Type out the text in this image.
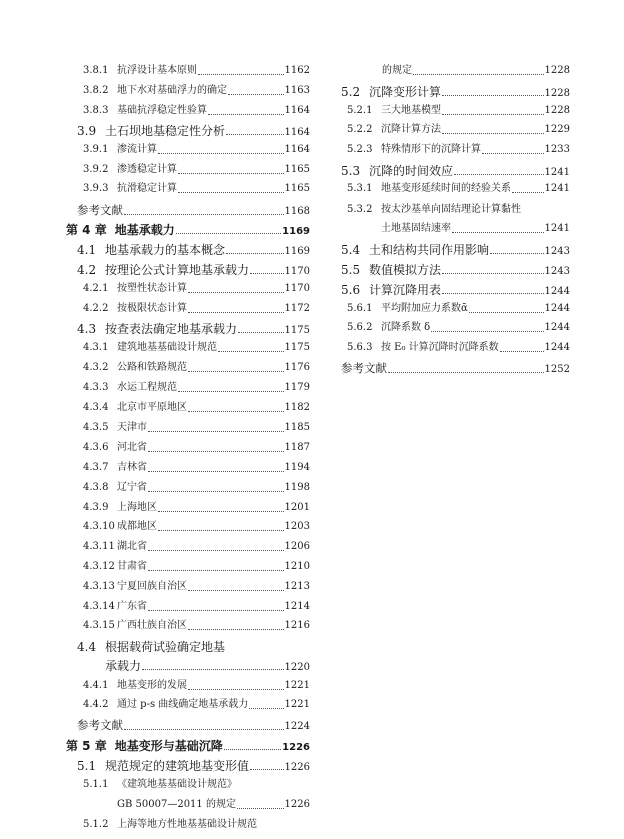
3.8.1 抗浮设计基本原则	1162
3.8.2 地下水对基础浮力的确定	1163
3.8.3 基础抗浮稳定性验算	1164
3.9 土石坝地基稳定性分析	1164
3.9.1 渗流计算	1164
3.9.2 渗透稳定计算	1165
3.9.3 抗滑稳定计算	1165
参考文献	1168
第 4 章 地基承载力	1169
4.1 地基承载力的基本概念	1169
4.2 按理论公式计算地基承载力	1170
4.2.1 按塑性状态计算	1170
4.2.2 按极限状态计算	1172
4.3 按查表法确定地基承载力	1175
4.3.1 建筑地基基础设计规范	1175
4.3.2 公路和铁路规范	1176
4.3.3 水运工程规范	1179
4.3.4 北京市平原地区	1182
4.3.5 天津市	1185
4.3.6 河北省	1187
4.3.7 吉林省	1194
4.3.8 辽宁省	1198
4.3.9 上海地区	1201
4.3.10 成都地区	1203
4.3.11 湖北省	1206
4.3.12 甘肃省	1210
4.3.13 宁夏回族自治区	1213
4.3.14 广东省	1214
4.3.15 广西壮族自治区	1216
4.4 根据载荷试验确定地基
承载力	1220
4.4.1 地基变形的发展	1221
4.4.2 通过 p-s 曲线确定地基承载力	1221
参考文献	1224
第 5 章 地基变形与基础沉降	1226
5.1 规范规定的建筑地基变形值	1226
5.1.1 《建筑地基基础设计规范》
GB 50007—2011 的规定	1226
5.1.2 上海等地方性地基基础设计规范
的规定	1228
5.2 沉降变形计算	1228
5.2.1 三大地基模型	1228
5.2.2 沉降计算方法	1229
5.2.3 特殊情形下的沉降计算	1233
5.3 沉降的时间效应	1241
5.3.1 地基变形延续时间的经验关系	1241
5.3.2 按太沙基单向固结理论计算黏性
土地基固结速率	1241
5.4 土和结构共同作用影响	1243
5.5 数值模拟方法	1243
5.6 计算沉降用表	1244
5.6.1 平均附加应力系数ᾱ	1244
5.6.2 沉降系数 δ	1244
5.6.3 按 E₀ 计算沉降时沉降系数	1244
参考文献	1252
